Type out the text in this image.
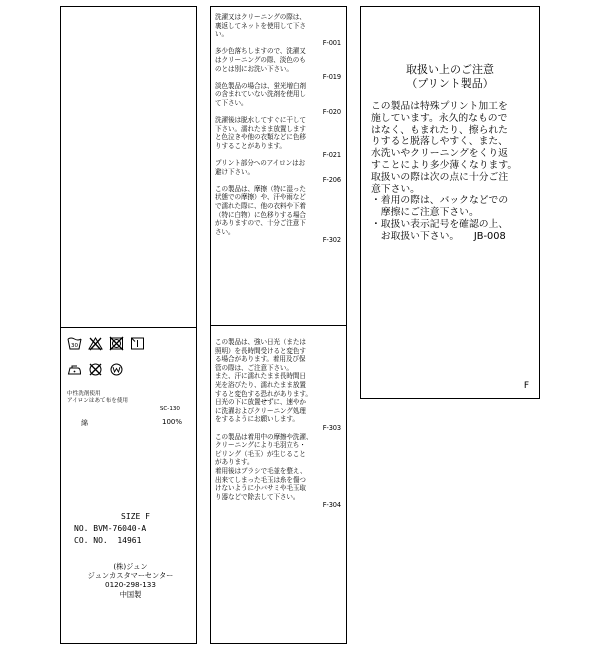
30
中性洗剤使用
アイロンはあて布を使用
SC-130
綿	100%
SIZE F
NO. BVM-76040-A
CO. NO.  14961
(株)ジュン
ジュンカスタマーセンター
0120-298-133
中国製
洗濯又はクリーニングの際は、
裏返してネットを使用して下さ
い。
F-001
多少色落ちしますので、洗濯又
はクリーニングの際、淡色のも
のとは別にお洗い下さい。
F-019
淡色製品の場合は、蛍光増白剤
の含まれていない洗剤を使用し
て下さい。
F-020
洗濯後は脱水してすぐに干して
下さい。濡れたまま放置します
と色泣きや他の衣類などに色移
りすることがあります。
F-021
プリント部分へのアイロンはお
避け下さい。
F-206
この製品は、摩擦（特に湿った
状態での摩擦）や、汗や雨など
で濡れた際に、他の衣料や下着
（特に白物）に色移りする場合
がありますので、十分ご注意下
さい。
F-302
この製品は、強い日光（または
照明）を長時間受けると変色す
る場合があります。着用及び保
管の際は、ご注意下さい。
また、汗に濡れたまま長時間日
光を浴びたり、濡れたまま放置
すると変色する恐れがあります。
日光の下に放置せずに、速やか
に洗濯およびクリーニング処理
をするようにお願いします。
F-303
この製品は着用中の摩擦や洗濯、
クリーニングにより毛羽立ち・
ピリング（毛玉）が生じること
があります。
着用後はブラシで毛並を整え、
出来てしまった毛玉は糸を傷つ
けないように小バサミや毛玉取
り器などで除去して下さい。
F-304
取扱い上のご注意
（プリント製品）
この製品は特殊プリント加工を
施しています。永久的なもので
はなく、もまれたり、擦られた
りすると脱落しやすく、また、
水洗いやクリーニングをくり返
すことにより多少薄くなります。
取扱いの際は次の点に十分ご注
意下さい。
・着用の際は、バックなどでの
　摩擦にご注意下さい。
・取扱い表示記号を確認の上、
　お取扱い下さい。　　JB-008
F
